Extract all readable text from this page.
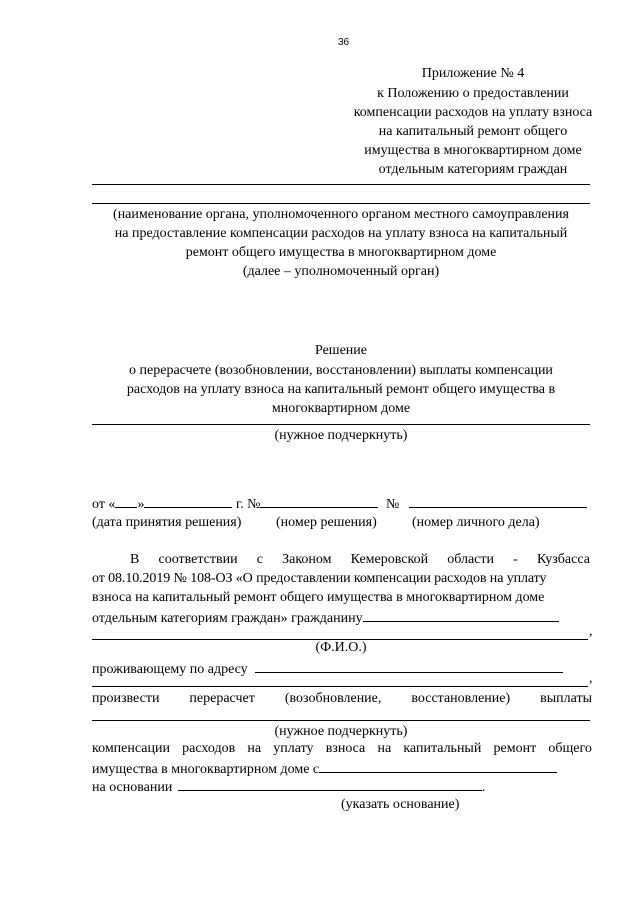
36
Приложение № 4
к Положению о предоставлении
компенсации расходов на уплату взноса
на капитальный ремонт общего
имущества в многоквартирном доме
отдельным категориям граждан
(наименование органа, уполномоченного органом местного самоуправления
на предоставление компенсации расходов на уплату взноса на капитальный
ремонт общего имущества в многоквартирном доме
(далее – уполномоченный орган)
Решение
о перерасчете (возобновлении, восстановлении) выплаты компенсации
расходов на уплату взноса на капитальный ремонт общего имущества в
многоквартирном доме
(нужное подчеркнуть)
от « »	г. №	№
(дата принятия решения) (номер решения)	(номер личного дела)
В соответствии с Законом Кемеровской области - Кузбасса
от 08.10.2019 № 108-ОЗ «О предоставлении компенсации расходов на уплату
взноса на капитальный ремонт общего имущества в многоквартирном доме
отдельным категориям граждан» гражданину
,
(Ф.И.О.)
проживающему по адресу
,
произвести перерасчет (возобновление, восстановление) выплаты
(нужное подчеркнуть)
компенсации расходов на уплату взноса на капитальный ремонт общего
имущества в многоквартирном доме с
на основании	.
(указать основание)
